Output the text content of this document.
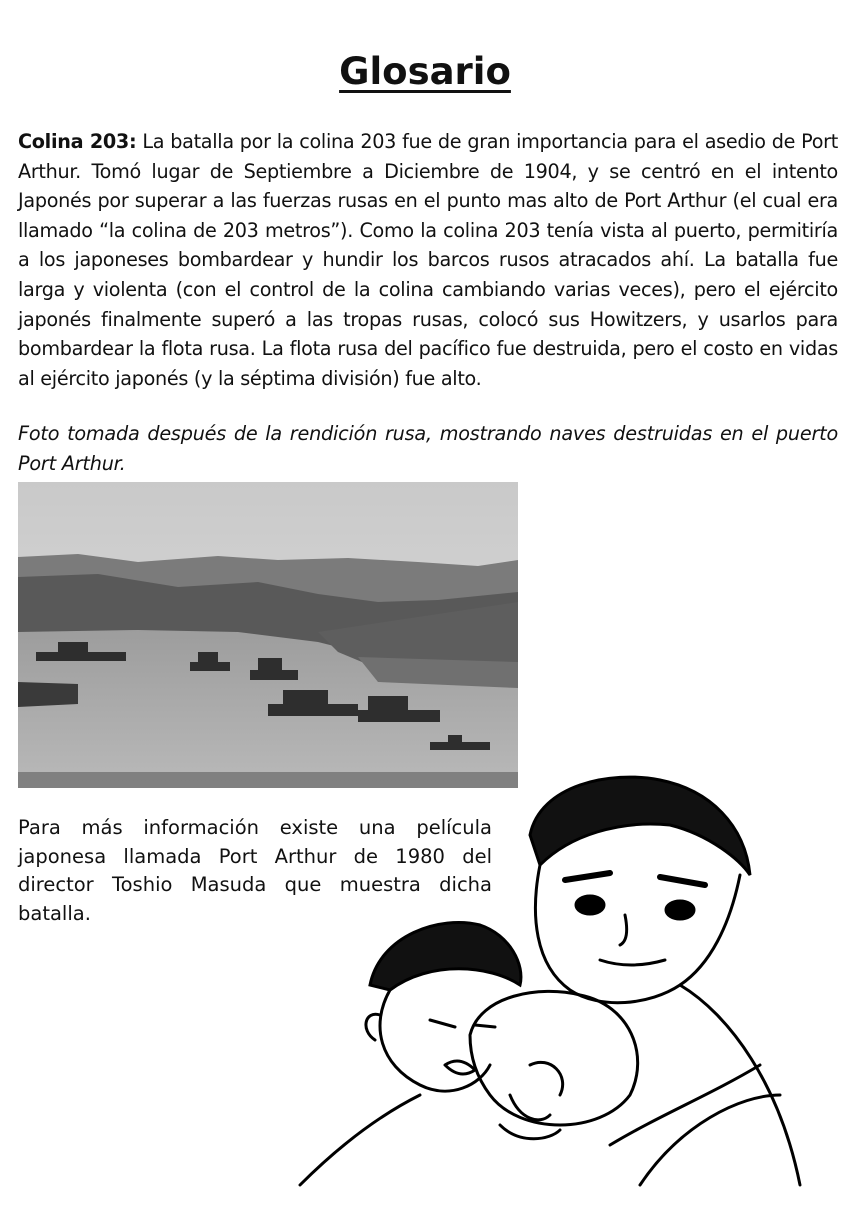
Glosario
Colina 203: La batalla por la colina 203 fue de gran importancia para el asedio de Port Arthur. Tomó lugar de Septiembre a Diciembre de 1904, y se centró en el intento Japonés por superar a las fuerzas rusas en el punto mas alto de Port Arthur (el cual era llamado “la colina de 203 metros”). Como la colina 203 tenía vista al puerto, permitiría a los japoneses bombardear y hundir los barcos rusos atracados ahí. La batalla fue larga y violenta (con el control de la colina cambiando varias veces), pero el ejército japonés finalmente superó a las tropas rusas, colocó sus Howitzers, y usarlos para bombardear la flota rusa. La flota rusa del pacífico fue destruida, pero el costo en vidas al ejército japonés (y la séptima división) fue alto.
Foto tomada después de la rendición rusa, mostrando naves destruidas en el puerto Port Arthur.
Para más información existe una película japonesa llamada Port Arthur de 1980 del director Toshio Masuda que muestra dicha batalla.
